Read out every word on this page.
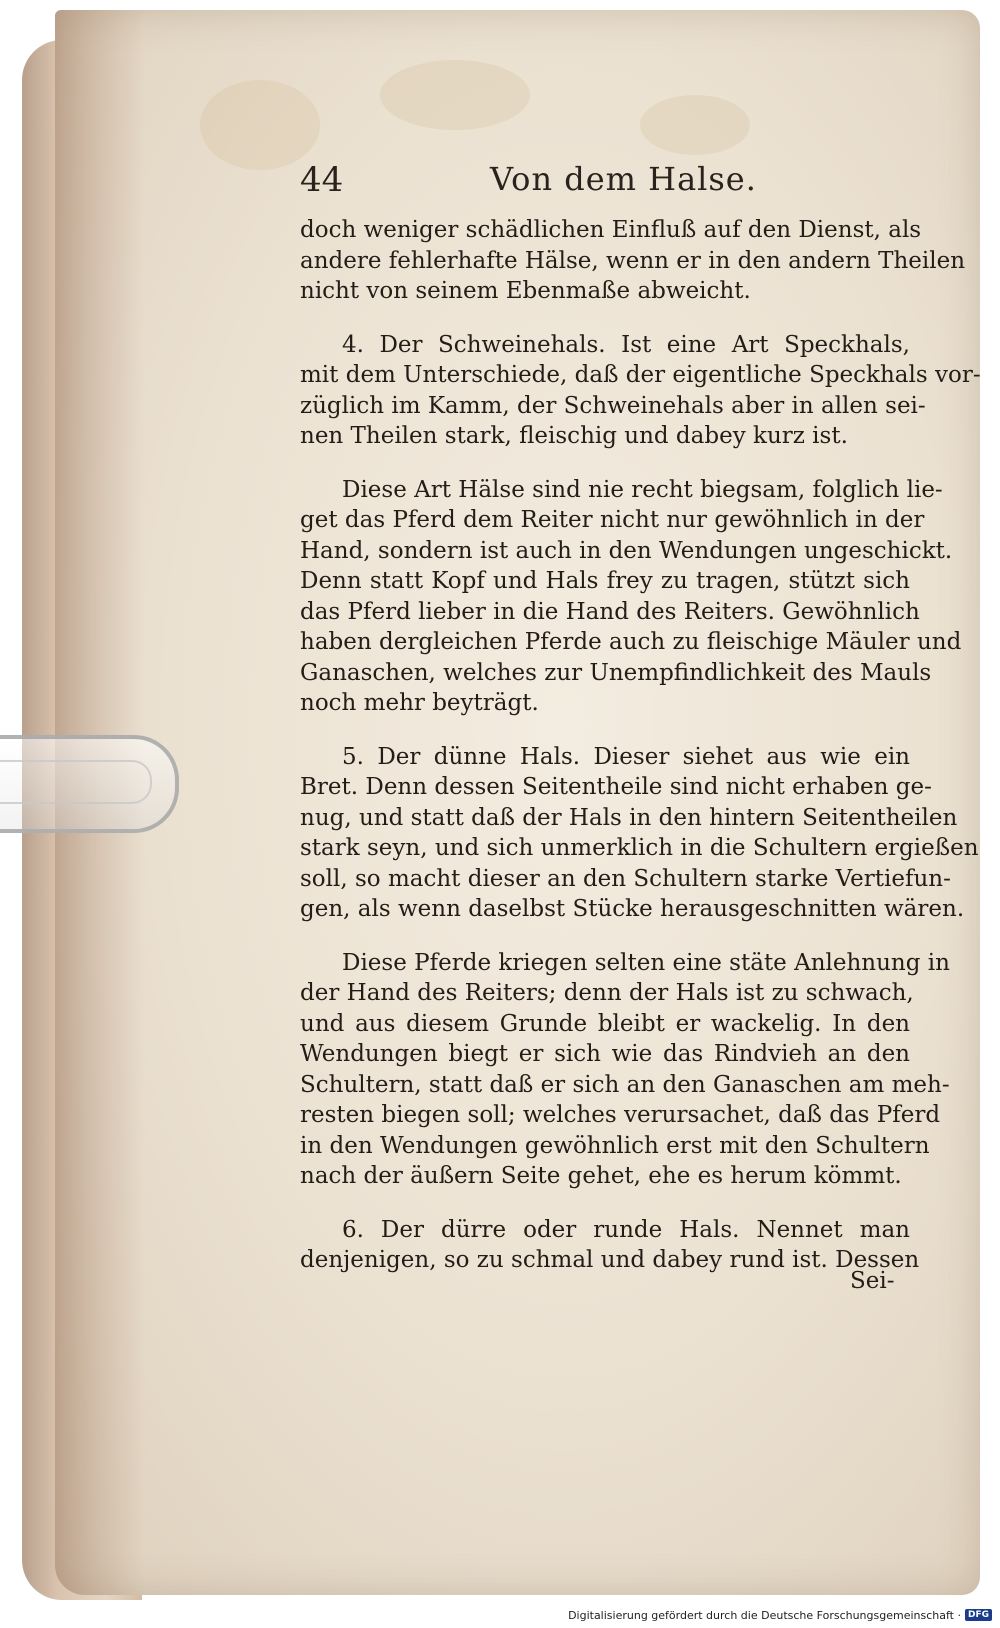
44	Von dem Halse.

doch weniger schädlichen Einfluß auf den Dienst, als
andere fehlerhafte Hälse, wenn er in den andern Theilen
nicht von seinem Ebenmaße abweicht.

4. Der Schweinehals. Ist eine Art Speckhals,
mit dem Unterschiede, daß der eigentliche Speckhals vor-
züglich im Kamm, der Schweinehals aber in allen sei-
nen Theilen stark, fleischig und dabey kurz ist.

Diese Art Hälse sind nie recht biegsam, folglich lie-
get das Pferd dem Reiter nicht nur gewöhnlich in der
Hand, sondern ist auch in den Wendungen ungeschickt.
Denn statt Kopf und Hals frey zu tragen, stützt sich
das Pferd lieber in die Hand des Reiters. Gewöhnlich
haben dergleichen Pferde auch zu fleischige Mäuler und
Ganaschen, welches zur Unempfindlichkeit des Mauls
noch mehr beyträgt.

5. Der dünne Hals. Dieser siehet aus wie ein
Bret. Denn dessen Seitentheile sind nicht erhaben ge-
nug, und statt daß der Hals in den hintern Seitentheilen
stark seyn, und sich unmerklich in die Schultern ergießen
soll, so macht dieser an den Schultern starke Vertiefun-
gen, als wenn daselbst Stücke herausgeschnitten wären.

Diese Pferde kriegen selten eine stäte Anlehnung in
der Hand des Reiters; denn der Hals ist zu schwach,
und aus diesem Grunde bleibt er wackelig. In den
Wendungen biegt er sich wie das Rindvieh an den
Schultern, statt daß er sich an den Ganaschen am meh-
resten biegen soll; welches verursachet, daß das Pferd
in den Wendungen gewöhnlich erst mit den Schultern
nach der äußern Seite gehet, ehe es herum kömmt.

6. Der dürre oder runde Hals. Nennet man
denjenigen, so zu schmal und dabey rund ist. Dessen

Sei-
Digitalisierung gefördert durch die Deutsche Forschungsgemeinschaft · DFG
